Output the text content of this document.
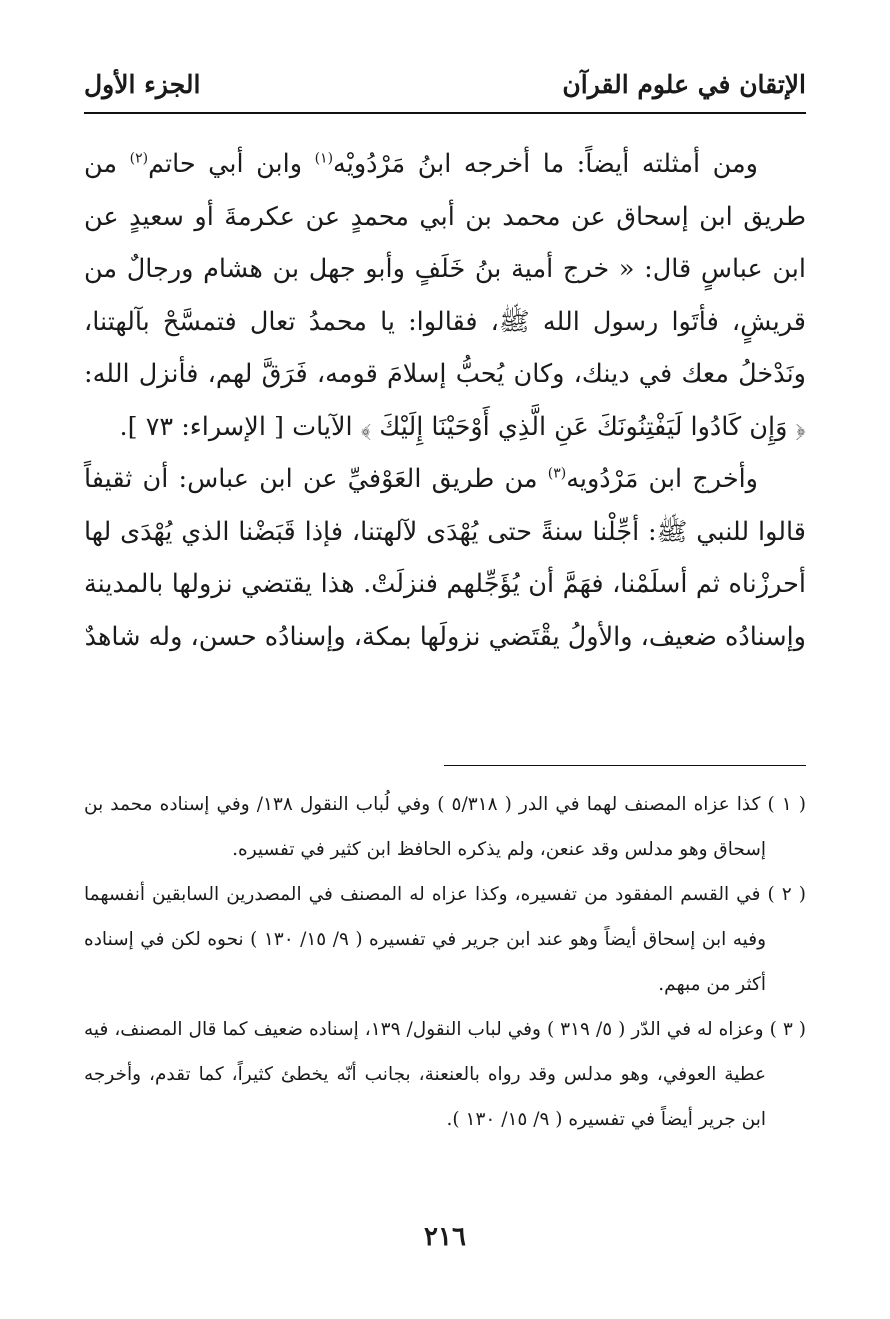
الإتقان في علوم القرآن
الجزء الأول

ومن أمثلته أيضاً: ما أخرجه ابنُ مَرْدُويْه$^{(١)}$ وابن أبي حاتم$^{(٢)}$ من طريق ابن إسحاق عن محمد بن أبي محمدٍ عن عكرمةَ أو سعيدٍ عن ابن عباسٍ قال: « خرج أمية بنُ خَلَفٍ وأبو جهل بن هشام ورجالٌ من قريشٍ، فأتَوا رسول الله ﷺ، فقالوا: يا محمدُ تعال فتمسَّحْ بآلهتنا، ونَدْخلُ معك في دينك، وكان يُحبُّ إسلامَ قومه، فَرَقَّ لهم، فأنزل الله: ﴿ وَإِن كَادُوا لَيَفْتِنُونَكَ عَنِ الَّذِي أَوْحَيْنَا إِلَيْكَ ﴾ الآيات [ الإسراء: ٧٣ ].

وأخرج ابن مَرْدُويه$^{(٣)}$ من طريق العَوْفيِّ عن ابن عباس: أن ثقيفاً قالوا للنبي ﷺ: أجِّلْنا سنةً حتى يُهْدَى لآلهتنا، فإذا قَبَضْنا الذي يُهْدَى لها أحرزْناه ثم أسلَمْنا، فهَمَّ أن يُؤَجِّلهم فنزلَتْ. هذا يقتضي نزولها بالمدينة وإسنادُه ضعيف، والأولُ يقْتَضي نزولَها بمكة، وإسنادُه حسن، وله شاهدٌ

( ١ ) كذا عزاه المصنف لهما في الدر ( ٥/٣١٨ ) وفي لُباب النقول ١٣٨/ وفي إسناده محمد بن إسحاق وهو مدلس وقد عنعن، ولم يذكره الحافظ ابن كثير في تفسيره.

( ٢ ) في القسم المفقود من تفسيره، وكذا عزاه له المصنف في المصدرين السابقين أنفسهما وفيه ابن إسحاق أيضاً وهو عند ابن جرير في تفسيره ( ٩/ ١٥/ ١٣٠ ) نحوه لكن في إسناده أكثر من مبهم.

( ٣ ) وعزاه له في الدّر ( ٥/ ٣١٩ ) وفي لباب النقول/ ١٣٩، إسناده ضعيف كما قال المصنف، فيه عطية العوفي، وهو مدلس وقد رواه بالعنعنة، بجانب أنّه يخطئ كثيراً، كما تقدم، وأخرجه ابن جرير أيضاً في تفسيره ( ٩/ ١٥/ ١٣٠ ).

٢١٦
